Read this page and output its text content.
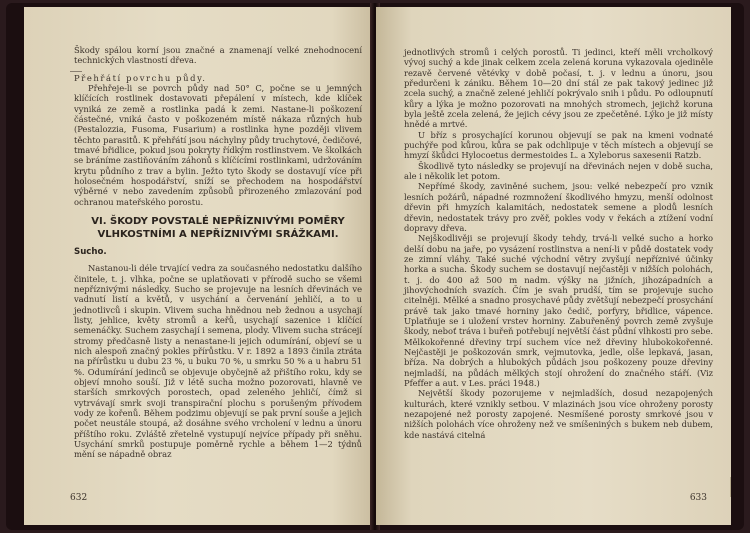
Škody spálou korní jsou značné a znamenají velké znehodnocení technických vlastností dřeva.

Přehřátí povrchu půdy.

Přehřeje-li se povrch půdy nad 50° C, počne se u jemných klíčících rostlinek dostavovati přepálení v místech, kde klíček vyniká ze země a rostlinka padá k zemi. Nastane-li poškození částečné, vniká často v poškozeném místě nákaza různých hub (Pestalozzia, Fusoma, Fusarium) a rostlinka hyne později vlivem těchto parasitů. K přehřátí jsou náchylny půdy truchytové, čedičové, tmavé břidlice, pokud jsou pokryty řídkým rostlinstvem. Ve školkách se bráníme zastiňováním záhonů s klíčícími rostlinkami, udržováním krytu půdního z trav a bylin. Ježto tyto škody se dostavují více při holosečném hospodářství, sníží se přechodem na hospodářství výběrné v nebo zavedením způsobů přirozeného zmlazování pod ochranou mateřského porostu.

VI. ŠKODY POVSTALÉ NEPŘÍZNIVÝMI POMĚRY VLHKOSTNÍMI A NEPŘÍZNIVÝMI SRÁŽKAMI.
Sucho.

Nastanou-li déle trvající vedra za současného nedostatku dalšího činitele, t. j. vlhka, počne se uplatňovati v přírodě sucho se všemi nepříznivými následky. Sucho se projevuje na lesních dřevinách ve vadnutí listí a květů, v usychání a červenání jehličí, a to u jednotlivců i skupin. Vlivem sucha hnědnou neb žednou a usychají listy, jehlice, květy stromů a keřů, usychají sazenice i klíčící semenáčky. Suchem zasychají i semena, plody. Vlivem sucha strácejí stromy předčasně listy a nenastane-li jejich odumírání, objeví se u nich alespoň značný pokles přírůstku. V r. 1892 a 1893 činila ztráta na přírůstku u dubu 23 %, u buku 70 %, u smrku 50 % a u habru 51 %. Odumírání jedinců se objevuje obyčejně až přištího roku, kdy se objeví mnoho souší. Již v létě sucha možno pozorovati, hlavně ve starších smrkových porostech, opad zeleného jehličí, čímž si vytrvávají smrk svoji transpirační plochu s porušeným přívodem vody ze kořenů. Během podzimu objevují se pak první souše a jejich počet neustále stoupá, až dosáhne svého vrcholení v lednu a únoru příštího roku. Zvláště zřetelně vystupují nejvíce případy při sněhu. Usychání smrků postupuje poměrně rychle a během 1—2 týdnů mění se nápadně obraz

632

jednotlivých stromů i celých porostů. Ti jedinci, kteří měli vrcholkový vývoj suchý a kde jinak celkem zcela zelená koruna vykazovala ojediněle rezavě červené větévky v době počasí, t. j. v lednu a únoru, jsou předurčeni k zániku. Během 10—20 dní stál ze pak takový jedinec již zcela suchý, a značně zelené jehličí pokrývalo snih i půdu. Po odloupnutí kůry a lýka je možno pozorovati na mnohých stromech, jejichž koruna byla ještě zcela zelená, že jejich cévy jsou ze zpečetěné. Lýko je již místy hnědé a mrtvé.

U bříz s prosychající korunou objevují se pak na kmeni vodnaté puchýře pod kůrou, kůra se pak odchlipuje v těch místech a objevují se hmyzí škůdci Hylocoetus dermestoides L. a Xyleborus saxesenii Ratzb.

Škodlivě tyto následky se projevují na dřevinách nejen v době sucha, ale i několik let potom.

Nepřímé škody, zaviněné suchem, jsou: velké nebezpečí pro vznik lesních požárů, nápadné rozmnožení škodlivého hmyzu, menší odolnost dřevin při hmyzích kalamitách, nedostatek semene a plodů lesních dřevin, nedostatek trávy pro zvěř, pokles vody v řekách a ztížení vodní dopravy dřeva.

Nejškodlivěji se projevují škody tehdy, trvá-li velké sucho a horko delší dobu na jaře, po vysázení rostlinstva a není-li v půdě dostatek vody ze zimní vláhy. Také suché východní větry zvyšují nepříznivé účinky horka a sucha. Škody suchem se dostavují nejčastěji v nižších polohách, t. j. do 400 až 500 m nadm. výšky na jižních, jihozápadních a jihovýchodních svazích. Čím je svah prudší, tím se projevuje sucho citelněji. Mělké a snadno prosychavé půdy zvětšují nebezpečí prosychání právě tak jako tmavé horniny jako čedič, porfyry, břidlice, vápence. Uplatňuje se i uložení vrstev horniny. Zabuřeněný povrch země zvyšuje škody, neboť tráva i buřeň potřebují největší část půdní vlhkosti pro sebe. Mělkokořenné dřeviny trpí suchem více než dřeviny hlubokokořenné. Nejčastěji je poškozován smrk, vejmutovka, jedle, olše lepkavá, jasan, bříza. Na dobrých a hlubokých půdách jsou poškozeny pouze dřeviny nejmladší, na půdách mělkých stojí ohrožení do značného stáří. (Viz Pfeffer a aut. v Les. práci 1948.)

Největší škody pozorujeme v nejmladších, dosud nezapojených kulturách, které vznikly setbou. V mlazinách jsou více ohroženy porosty nezapojené než porosty zapojené. Nesmíšené porosty smrkové jsou v nižších polohách více ohroženy než ve smíšeniných s bukem neb dubem, kde nastává citelná

633
